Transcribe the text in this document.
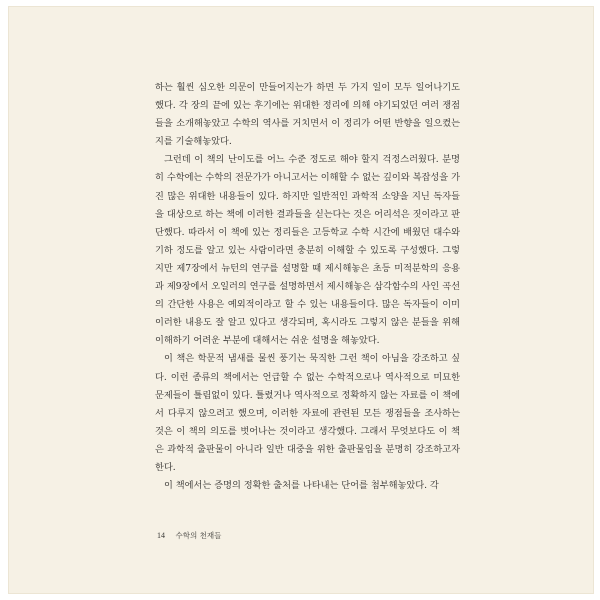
하는 훨씬 심오한 의문이 만들어지는가 하면 두 가지 일이 모두 일어나기도 했다. 각 장의 끝에 있는 후기에는 위대한 정리에 의해 야기되었던 여러 쟁점들을 소개해놓았고 수학의 역사를 거치면서 이 정리가 어떤 반향을 일으켰는지를 기술해놓았다.

그런데 이 책의 난이도를 어느 수준 정도로 해야 할지 걱정스러웠다. 분명히 수학에는 수학의 전문가가 아니고서는 이해할 수 없는 깊이와 복잡성을 가진 많은 위대한 내용들이 있다. 하지만 일반적인 과학적 소양을 지닌 독자들을 대상으로 하는 책에 이러한 결과들을 싣는다는 것은 어리석은 짓이라고 판단했다. 따라서 이 책에 있는 정리들은 고등학교 수학 시간에 배웠던 대수와 기하 정도를 알고 있는 사람이라면 충분히 이해할 수 있도록 구성했다. 그렇지만 제7장에서 뉴턴의 연구를 설명할 때 제시해놓은 초등 미적분학의 응용과 제9장에서 오일러의 연구를 설명하면서 제시해놓은 삼각함수의 사인 곡선의 간단한 사용은 예외적이라고 할 수 있는 내용들이다. 많은 독자들이 이미 이러한 내용도 잘 알고 있다고 생각되며, 혹시라도 그렇지 않은 분들을 위해 이해하기 어려운 부분에 대해서는 쉬운 설명을 해놓았다.

이 책은 학문적 냄새를 물씬 풍기는 묵직한 그런 책이 아님을 강조하고 싶다. 이런 종류의 책에서는 언급할 수 없는 수학적으로나 역사적으로 미묘한 문제들이 틀림없이 있다. 틀렸거나 역사적으로 정확하지 않는 자료를 이 책에서 다루지 않으려고 했으며, 이러한 자료에 관련된 모든 쟁점들을 조사하는 것은 이 책의 의도를 벗어나는 것이라고 생각했다. 그래서 무엇보다도 이 책은 과학적 출판물이 아니라 일반 대중을 위한 출판물임을 분명히 강조하고자 한다.

이 책에서는 증명의 정확한 출처를 나타내는 단어를 첨부해놓았다. 각

14 수학의 천재들
